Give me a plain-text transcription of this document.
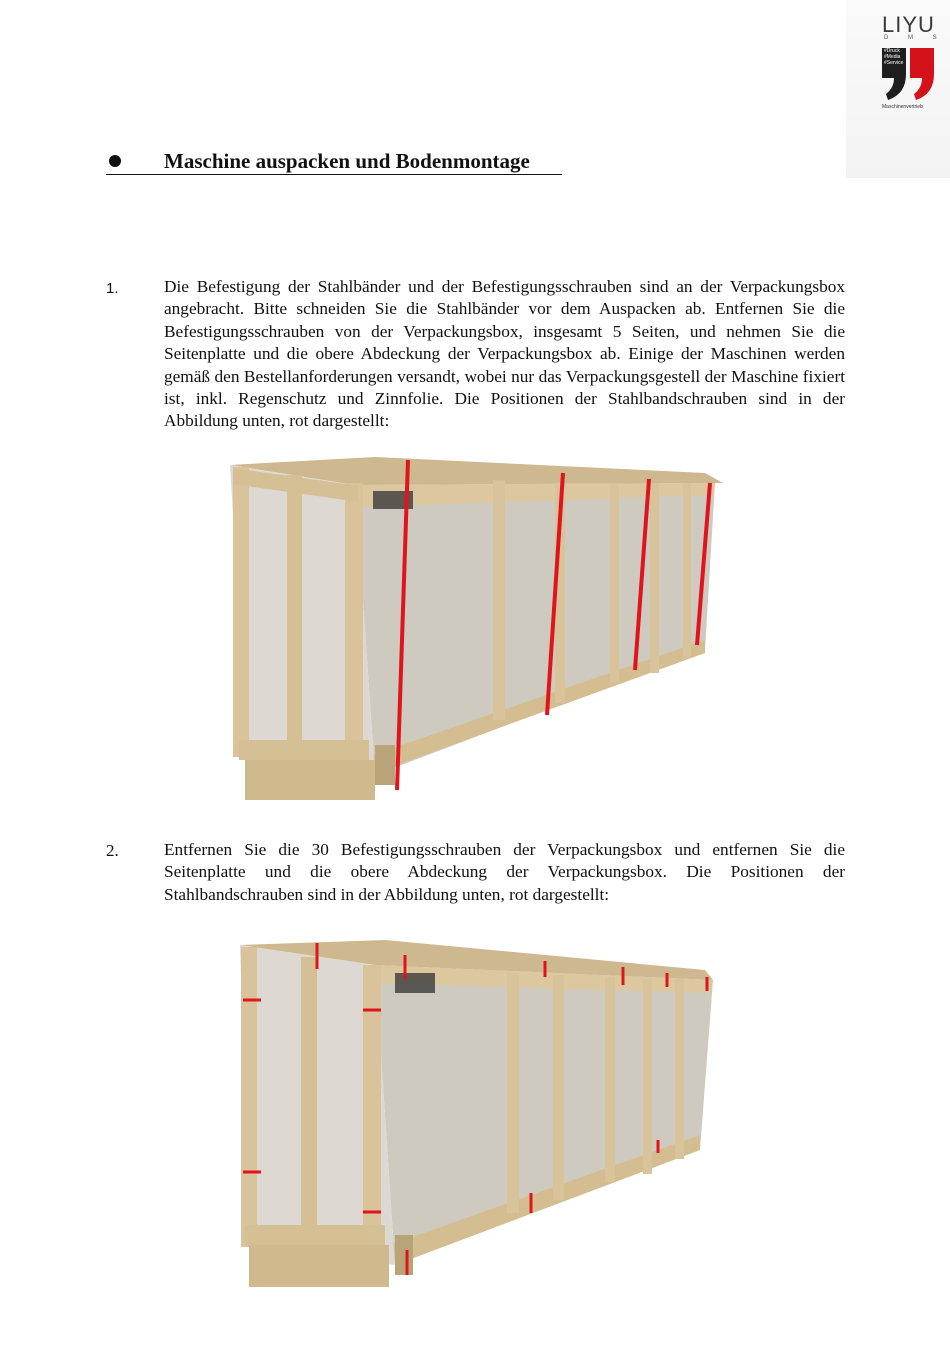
LIYU
D M S
#Druck
#Media
#Service
Maschinenvertrieb
Maschine auspacken und Bodenmontage
1.	Die Befestigung der Stahlbänder und der Befestigungsschrauben sind an der Verpackungsbox angebracht. Bitte schneiden Sie die Stahlbänder vor dem Auspacken ab. Entfernen Sie die Befestigungsschrauben von der Verpackungsbox, insgesamt 5 Seiten, und nehmen Sie die Seitenplatte und die obere Abdeckung der Verpackungsbox ab. Einige der Maschinen werden gemäß den Bestellanforderungen versandt, wobei nur das Verpackungsgestell der Maschine fixiert ist, inkl. Regenschutz und Zinnfolie. Die Positionen der Stahlbandschrauben sind in der Abbildung unten, rot dargestellt:

2.	Entfernen Sie die 30 Befestigungsschrauben der Verpackungsbox und entfernen Sie die Seitenplatte und die obere Abdeckung der Verpackungsbox. Die Positionen der Stahlbandschrauben sind in der Abbildung unten, rot dargestellt:
